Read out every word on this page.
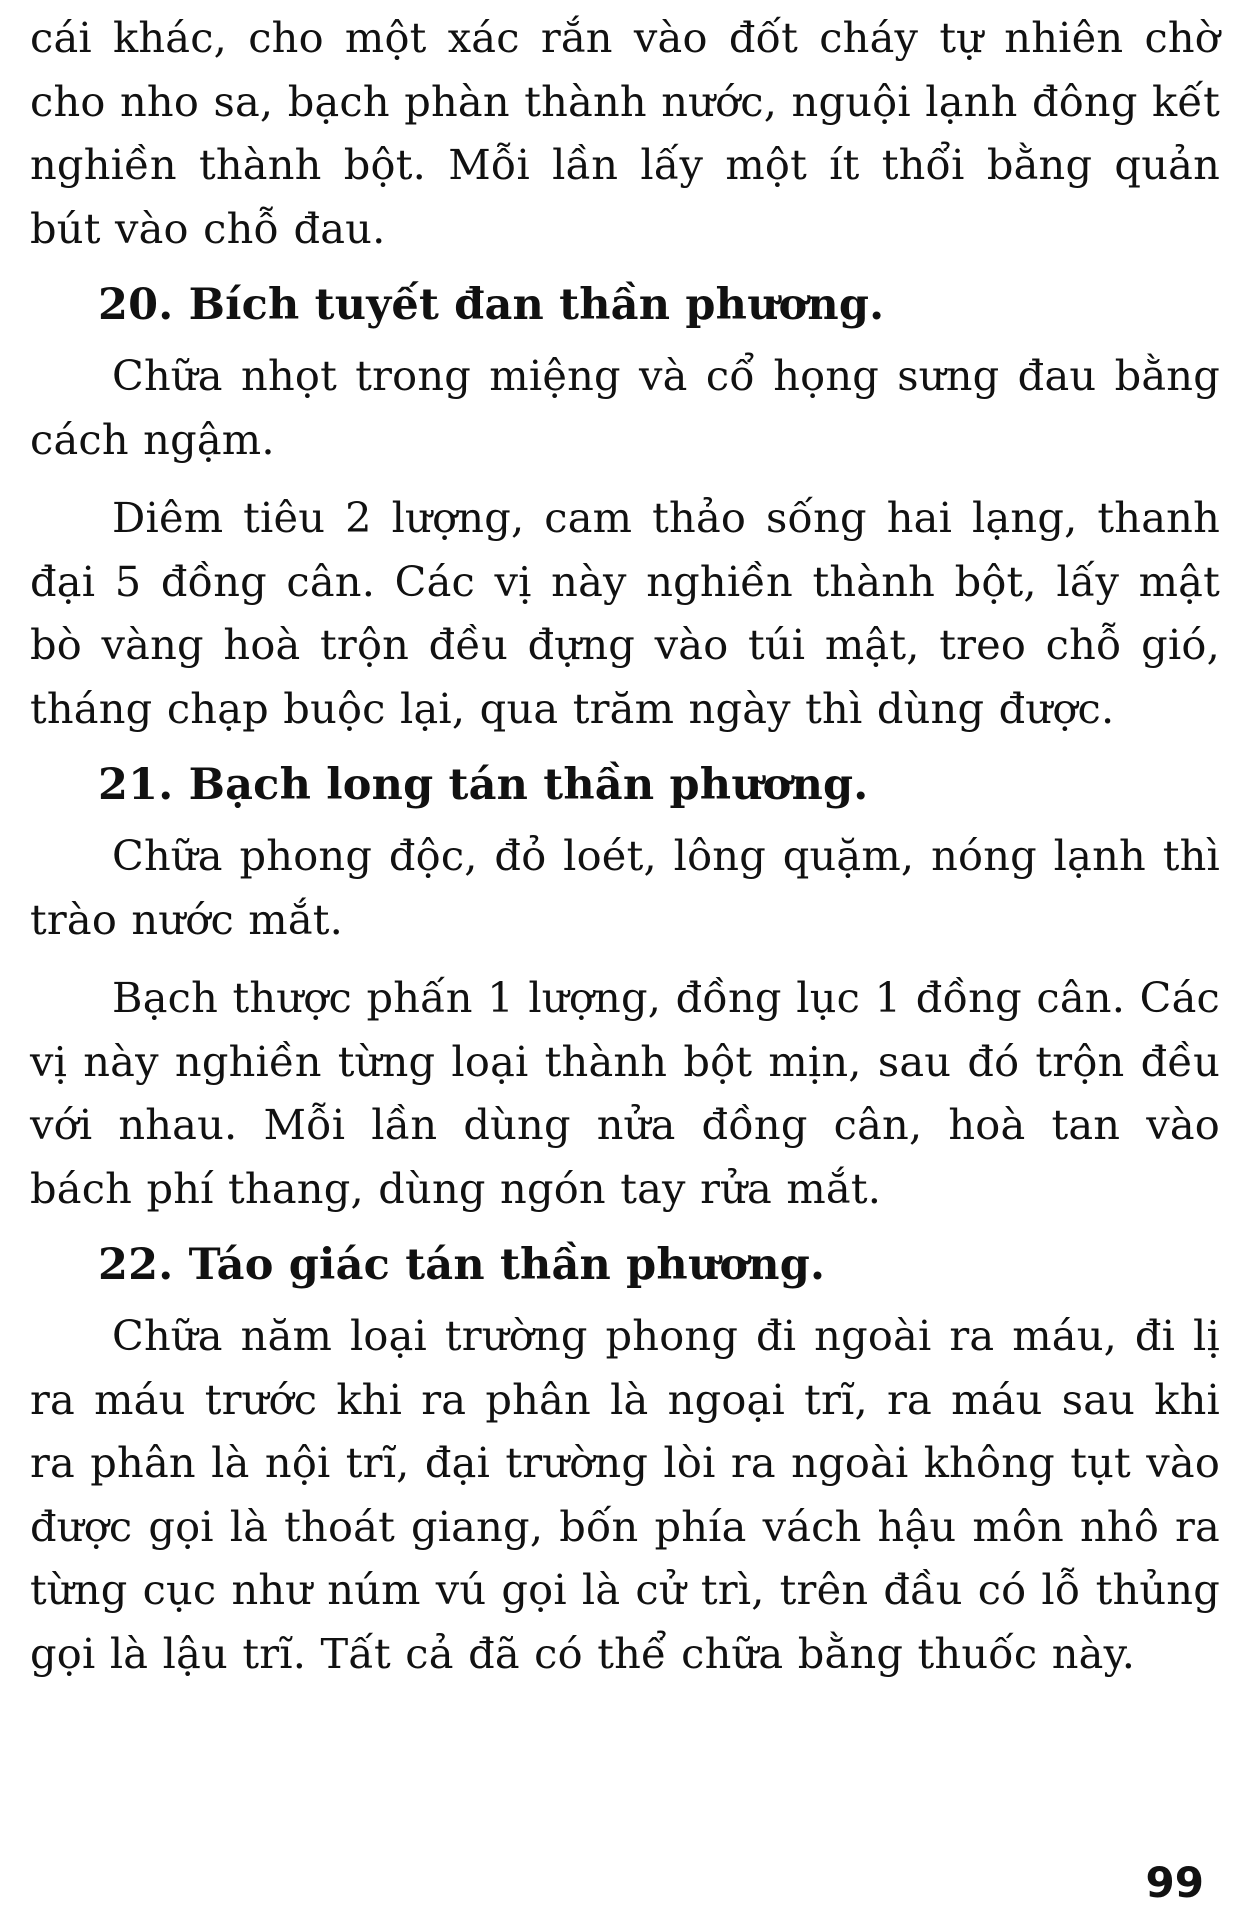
cái khác, cho một xác rắn vào đốt cháy tự nhiên chờ cho nho sa, bạch phàn thành nước, nguội lạnh đông kết nghiền thành bột. Mỗi lần lấy một ít thổi bằng quản bút vào chỗ đau.

20. Bích tuyết đan thần phương.

Chữa nhọt trong miệng và cổ họng sưng đau bằng cách ngậm.

Diêm tiêu 2 lượng, cam thảo sống hai lạng, thanh đại 5 đồng cân. Các vị này nghiền thành bột, lấy mật bò vàng hoà trộn đều đựng vào túi mật, treo chỗ gió, tháng chạp buộc lại, qua trăm ngày thì dùng được.

21. Bạch long tán thần phương.

Chữa phong độc, đỏ loét, lông quặm, nóng lạnh thì trào nước mắt.

Bạch thược phấn 1 lượng, đồng lục 1 đồng cân. Các vị này nghiền từng loại thành bột mịn, sau đó trộn đều với nhau. Mỗi lần dùng nửa đồng cân, hoà tan vào bách phí thang, dùng ngón tay rửa mắt.

22. Táo giác tán thần phương.

Chữa năm loại trường phong đi ngoài ra máu, đi lị ra máu trước khi ra phân là ngoại trĩ, ra máu sau khi ra phân là nội trĩ, đại trường lòi ra ngoài không tụt vào được gọi là thoát giang, bốn phía vách hậu môn nhô ra từng cục như núm vú gọi là cử trì, trên đầu có lỗ thủng gọi là lậu trĩ. Tất cả đã có thể chữa bằng thuốc này.

99
